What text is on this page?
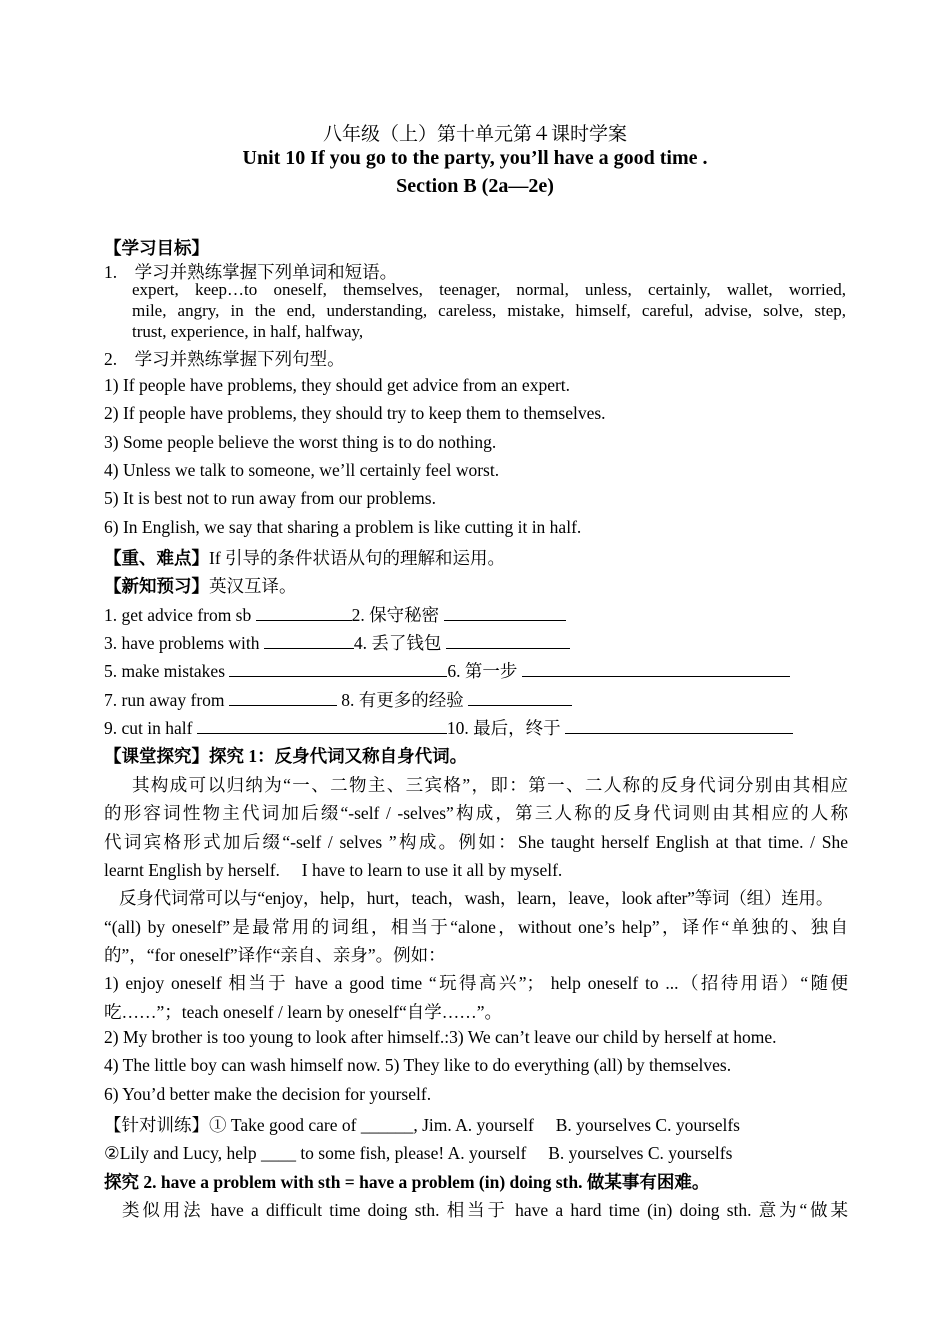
八年级（上）第十单元第４课时学案
Unit 10 If you go to the party, you’ll have a good time .
Section B (2a—2e)
【学习目标】
1.　学习并熟练掌握下列单词和短语。
expert, keep…to oneself, themselves, teenager, normal, unless, certainly, wallet, worried,
mile, angry, in the end, understanding, careless, mistake, himself, careful, advise, solve, step,
trust, experience, in half, halfway,
2.　学习并熟练掌握下列句型。
1) If people have problems, they should get advice from an expert.
2) If people have problems, they should try to keep them to themselves.
3) Some people believe the worst thing is to do nothing.
4) Unless we talk to someone, we’ll certainly feel worst.
5) It is best not to run away from our problems.
6) In English, we say that sharing a problem is like cutting it in half.
【重、难点】If 引导的条件状语从句的理解和运用。
【新知预习】英汉互译。
1. get advice from sb	2. 保守秘密
3. have problems with	4. 丢了钱包
5. make mistakes	6. 第一步
7. run away from	8. 有更多的经验
9. cut in half	10. 最后，终于
【课堂探究】探究 1：反身代词又称自身代词。
其构成可以归纳为“一、二物主、三宾格”，即：第一、二人称的反身代词分别由其相应
的形容词性物主代词加后缀“-self / -selves”构成，第三人称的反身代词则由其相应的人称
代词宾格形式加后缀“-self / selves ”构成。例如：She taught herself English at that time. / She
learnt English by herself.　 I have to learn to use it all by myself.
反身代词常可以与“enjoy，help，hurt，teach，wash，learn，leave，look after”等词（组）连用。
“(all) by oneself”是最常用的词组，相当于“alone，without one’s help”，译作“单独的、独自
的”，“for oneself”译作“亲自、亲身”。例如：
1) enjoy oneself 相当于 have a good time “玩得高兴”； help oneself to ...（招待用语）“随便
吃……”；teach oneself / learn by oneself“自学……”。
2) My brother is too young to look after himself.:3) We can’t leave our child by herself at home.
4) The little boy can wash himself now. 5) They like to do everything (all) by themselves.
6) You’d better make the decision for yourself.
【针对训练】① Take good care of ______, Jim. A. yourself 　B. yourselves C. yourselfs
②Lily and Lucy, help ____ to some fish, please! A. yourself 　B. yourselves C. yourselfs
探究 2. have a problem with sth = have a problem (in) doing sth. 做某事有困难。
类似用法 have a difficult time doing sth. 相当于 have a hard time (in) doing sth. 意为“做某
